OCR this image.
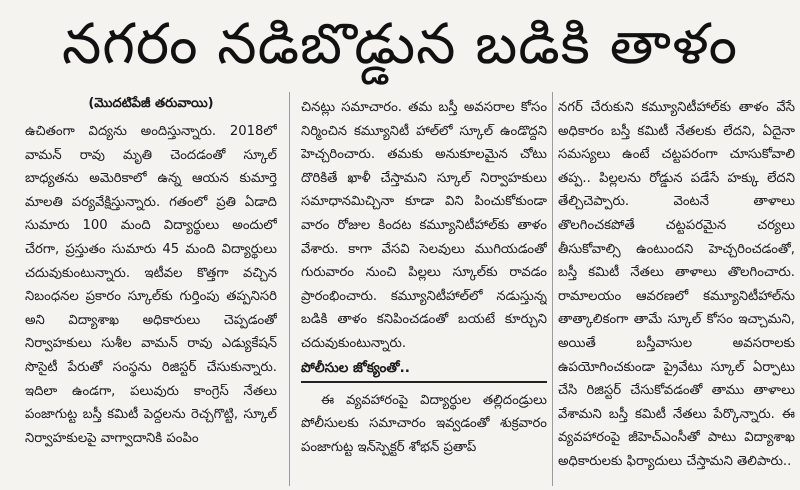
నగరం నడిబొడ్డున బడికి తాళం
(మొదటిపేజీ తరువాయి)

ఉచితంగా విద్యను అందిస్తున్నారు. 2018లో వామన్ రావు మృతి చెందడంతో స్కూల్ బాధ్యతను అమెరికాలో ఉన్న ఆయన కుమార్తె మాలతి పర్యవేక్షిస్తున్నారు. గతంలో ప్రతి ఏడాది సుమారు 100 మంది విద్యార్థులు అందులో చేరగా, ప్రస్తుతం సుమారు 45 మంది విద్యార్థులు చదువుకుంటున్నారు. ఇటీవల కొత్తగా వచ్చిన నిబంధనల ప్రకారం స్కూల్‌కు గుర్తింపు తప్పనిసరి అని విద్యాశాఖ అధికారులు చెప్పడంతో నిర్వాహకులు సుశీల వామన్ రావు ఎడ్యుకేషన్ సొసైటీ పేరుతో సంస్థను రిజిస్టర్ చేసుకున్నారు. ఇదిలా ఉండగా, పలువురు కాంగ్రెస్ నేతలు పంజాగుట్ట బస్తీ కమిటీ పెద్దలను రెచ్చగొట్టి, స్కూల్ నిర్వాహకులపై వాగ్వాదానికి పంపిం

చినట్లు సమాచారం. తమ బస్తీ అవసరాల కోసం నిర్మించిన కమ్యూనిటీ హాల్‌లో స్కూల్ ఉండొద్దని హెచ్చరించారు. తమకు అనుకూలమైన చోటు దొరికితే ఖాళీ చేస్తామని స్కూల్ నిర్వాహకులు సమాధానమిచ్చినా కూడా విని పించుకోకుండా వారం రోజుల కిందట కమ్యూనిటీహాల్‌కు తాళం వేశారు. కాగా వేసవి సెలవులు ముగియడంతో గురువారం నుంచి పిల్లలు స్కూల్‌కు రావడం ప్రారంభించారు. కమ్యూనిటీహాల్‌లో నడుస్తున్న బడికి తాళం కనిపించడంతో బయటే కూర్చుని చదువుకుంటున్నారు.

పోలీసుల జోక్యంతో..

ఈ వ్యవహారంపై విద్యార్థుల తల్లిదండ్రులు పోలీసులకు సమాచారం ఇవ్వడంతో శుక్రవారం పంజాగుట్ట ఇన్‌స్పెక్టర్ శోభన్ ప్రతాప్

నగర్ చేరుకుని కమ్యూనిటీహాల్‌కు తాళం వేసే అధికారం బస్తీ కమిటీ నేతలకు లేదని, ఏదైనా సమస్యలు ఉంటే చట్టపరంగా చూసుకోవాలి తప్ప.. పిల్లలను రోడ్డున పడేసే హక్కు లేదని తేల్చిచెప్పారు. వెంటనే తాళాలు తొలగించకపోతే చట్టపరమైన చర్యలు తీసుకోవాల్సి ఉంటుందని హెచ్చరించడంతో, బస్తీ కమిటీ నేతలు తాళాలు తొలగించారు. రామాలయం ఆవరణలో కమ్యూనిటీహాల్‌ను తాత్కాలికంగా తామే స్కూల్ కోసం ఇచ్చామని, అయితే బస్తీవాసుల అవసరాలకు ఉపయోగించకుండా ప్రైవేటు స్కూల్ ఏర్పాటు చేసి రిజిస్టర్ చేసుకోవడంతో తాము తాళాలు వేశామని బస్తీ కమిటీ నేతలు పేర్కొన్నారు. ఈ వ్యవహారంపై జీహెచ్ఎంసీతో పాటు విద్యాశాఖ అధికారులకు ఫిర్యాదులు చేస్తామని తెలిపారు..
